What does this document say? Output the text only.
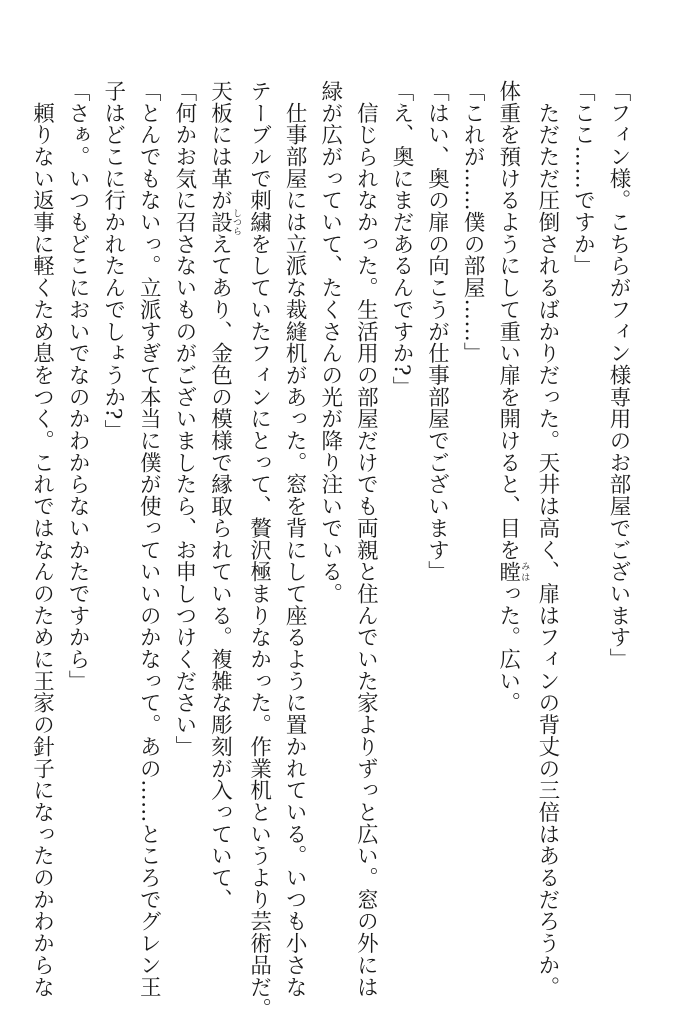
「フィン様。こちらがフィン様専用のお部屋でございます」
「ここ……ですか」
　ただただ圧倒されるばかりだった。天井は高く、扉はフィンの背丈の三倍はあるだろうか。
体重を預けるようにして重い扉を開けると、目を瞠みはった。広い。
「これが……僕の部屋……」
「はい、奥の扉の向こうが仕事部屋でございます」
「え、奥にまだあるんですか?」
　信じられなかった。生活用の部屋だけでも両親と住んでいた家よりずっと広い。窓の外には
緑が広がっていて、たくさんの光が降り注いでいる。
　仕事部屋には立派な裁縫机があった。窓を背にして座るように置かれている。いつも小さな
テーブルで刺繍をしていたフィンにとって、贅沢極まりなかった。作業机というより芸術品だ。
天板には革が設しつらえてあり、金色の模様で縁取られている。複雑な彫刻が入っていて、
「何かお気に召さないものがございましたら、お申しつけください」
「とんでもないっ。立派すぎて本当に僕が使っていいのかなって。あの……ところでグレン王
子はどこに行かれたんでしょうか?」
「さぁ。いつもどこにおいでなのかわからないかたですから」
　頼りない返事に軽くため息をつく。これではなんのために王家の針子になったのかわからな
